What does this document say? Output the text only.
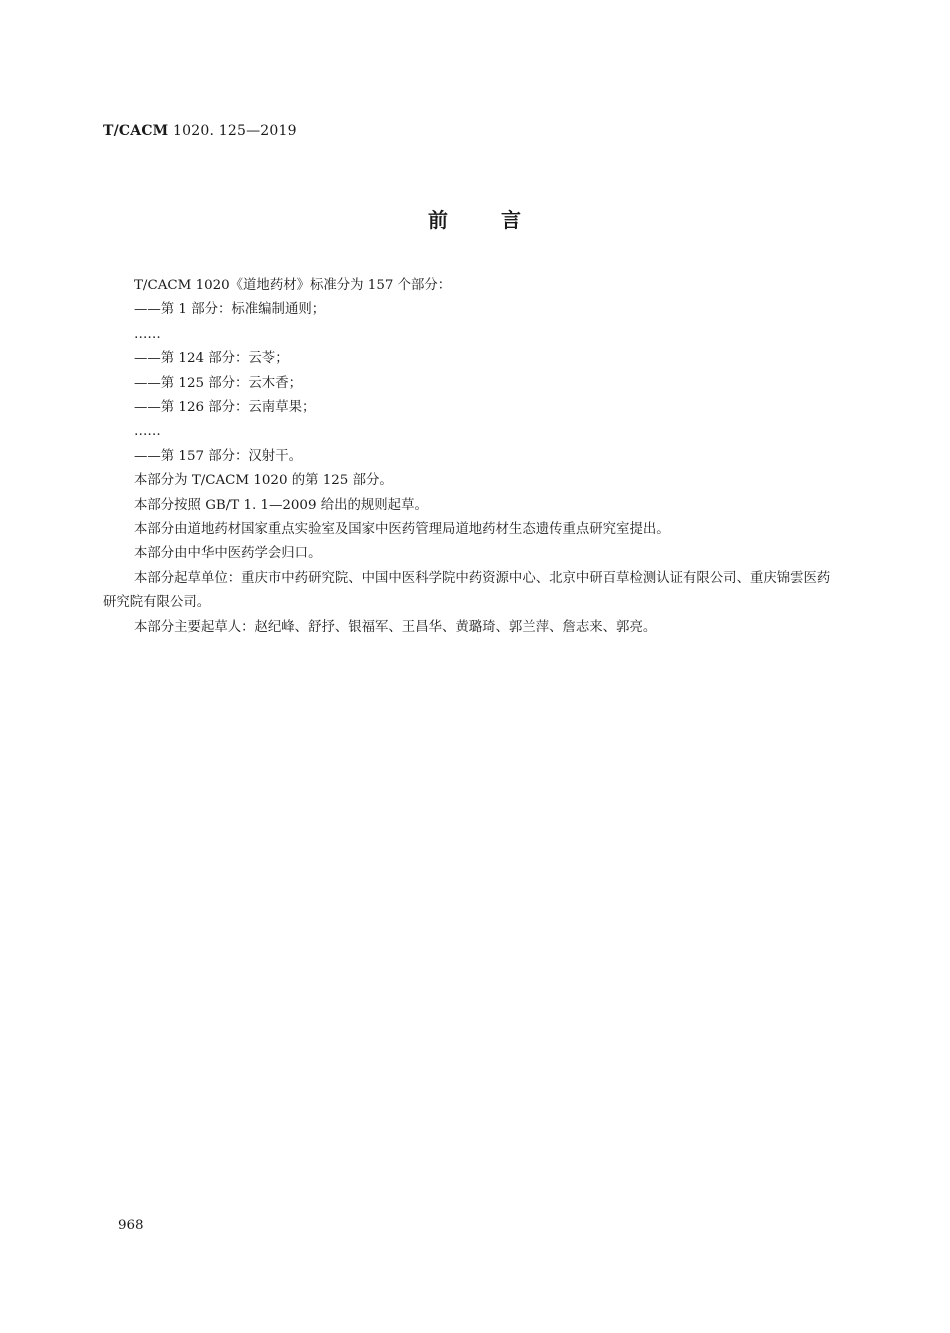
T/CACM 1020. 125—2019
前	言

T/CACM 1020《道地药材》标准分为 157 个部分：

——第 1 部分：标准编制通则；

……

——第 124 部分：云苓；

——第 125 部分：云木香；

——第 126 部分：云南草果；

……

——第 157 部分：汉射干。

本部分为 T/CACM 1020 的第 125 部分。

本部分按照 GB/T 1. 1—2009 给出的规则起草。

本部分由道地药材国家重点实验室及国家中医药管理局道地药材生态遗传重点研究室提出。

本部分由中华中医药学会归口。

本部分起草单位：重庆市中药研究院、中国中医科学院中药资源中心、北京中研百草检测认证有限公司、重庆锦雲医药研究院有限公司。

本部分主要起草人：赵纪峰、舒抒、银福军、王昌华、黄璐琦、郭兰萍、詹志来、郭亮。

968
